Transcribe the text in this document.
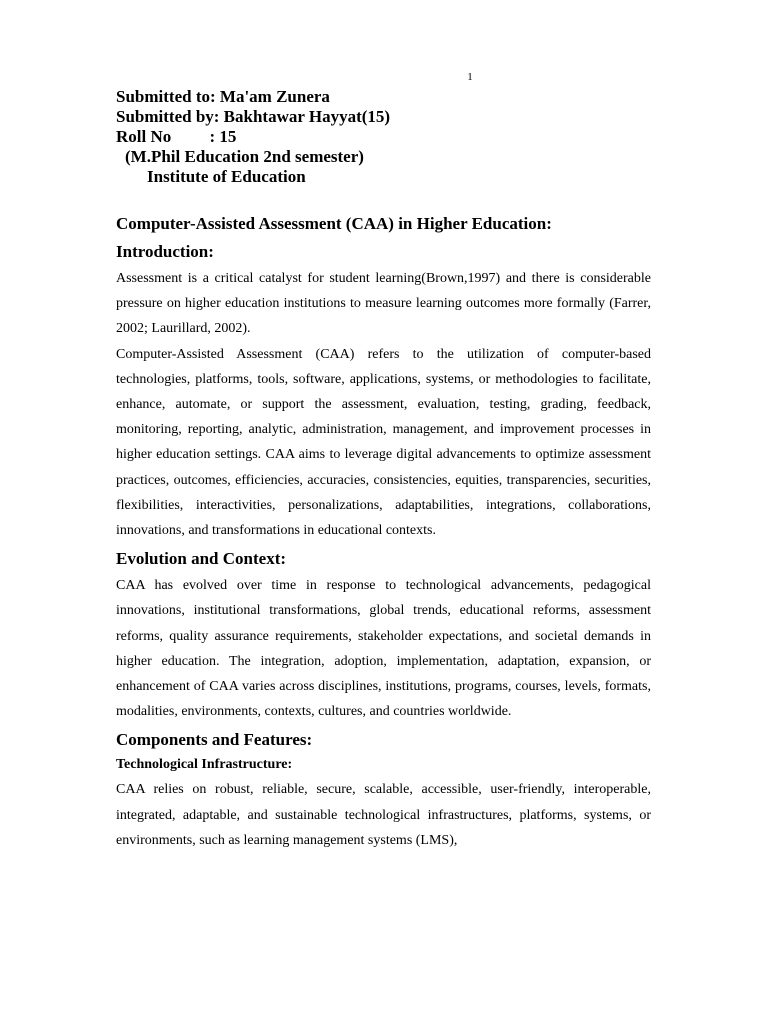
1
Submitted to: Ma'am Zunera
Submitted by: Bakhtawar Hayyat(15)
Roll No         : 15
(M.Phil Education 2nd semester)
Institute of Education
Computer-Assisted Assessment (CAA) in Higher Education:
Introduction:

Assessment is a critical catalyst for student learning(Brown,1997) and there is considerable pressure on higher education institutions to measure learning outcomes more formally (Farrer, 2002; Laurillard, 2002).

Computer-Assisted Assessment (CAA) refers to the utilization of computer-based technologies, platforms, tools, software, applications, systems, or methodologies to facilitate, enhance, automate, or support the assessment, evaluation, testing, grading, feedback, monitoring, reporting, analytic, administration, management, and improvement processes in higher education settings. CAA aims to leverage digital advancements to optimize assessment practices, outcomes, efficiencies, accuracies, consistencies, equities, transparencies, securities, flexibilities, interactivities, personalizations, adaptabilities, integrations, collaborations, innovations, and transformations in educational contexts.

Evolution and Context:

CAA has evolved over time in response to technological advancements, pedagogical innovations, institutional transformations, global trends, educational reforms, assessment reforms, quality assurance requirements, stakeholder expectations, and societal demands in higher education. The integration, adoption, implementation, adaptation, expansion, or enhancement of CAA varies across disciplines, institutions, programs, courses, levels, formats, modalities, environments, contexts, cultures, and countries worldwide.

Components and Features:
Technological Infrastructure:

CAA relies on robust, reliable, secure, scalable, accessible, user-friendly, interoperable, integrated, adaptable, and sustainable technological infrastructures, platforms, systems, or environments, such as learning management systems (LMS),
